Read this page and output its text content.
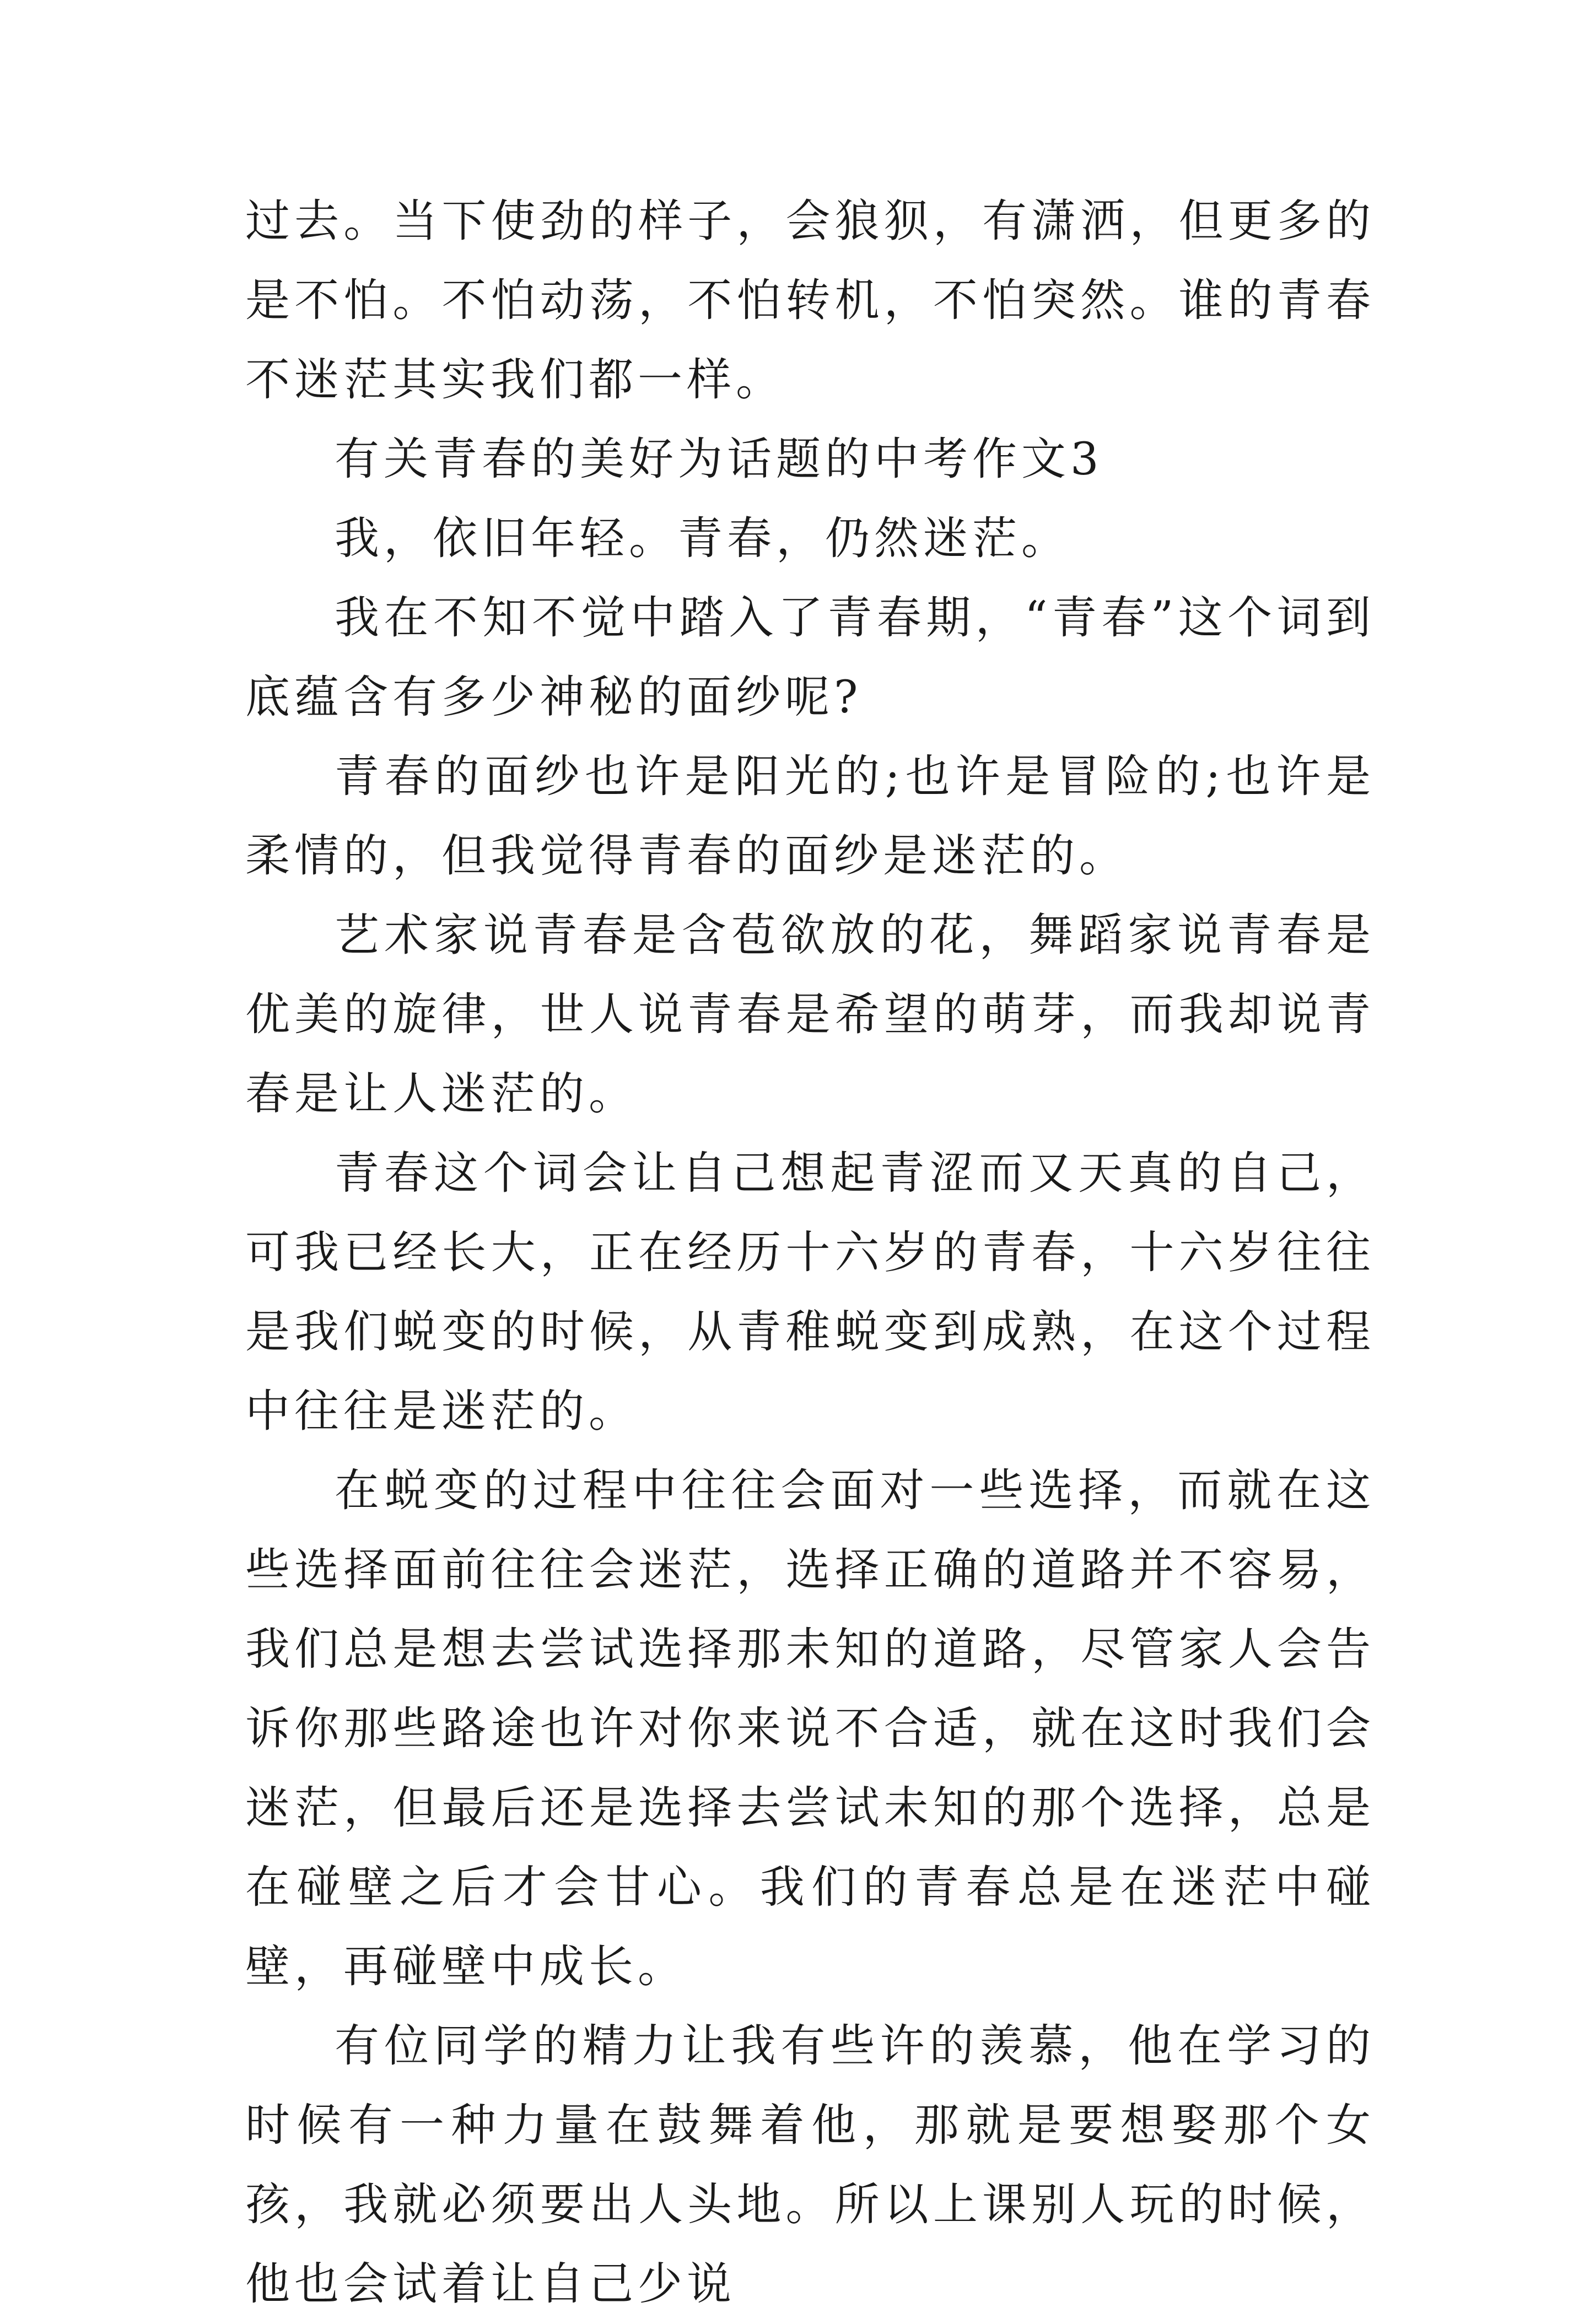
过去。当下使劲的样子，会狼狈，有潇洒，但更多的是不怕。不怕动荡，不怕转机，不怕突然。谁的青春不迷茫其实我们都一样。

有关青春的美好为话题的中考作文3

我，依旧年轻。青春，仍然迷茫。

我在不知不觉中踏入了青春期，“青春”这个词到底蕴含有多少神秘的面纱呢?

青春的面纱也许是阳光的;也许是冒险的;也许是柔情的，但我觉得青春的面纱是迷茫的。

艺术家说青春是含苞欲放的花，舞蹈家说青春是优美的旋律，世人说青春是希望的萌芽，而我却说青春是让人迷茫的。

青春这个词会让自己想起青涩而又天真的自己，可我已经长大，正在经历十六岁的青春，十六岁往往是我们蜕变的时候，从青稚蜕变到成熟，在这个过程中往往是迷茫的。

在蜕变的过程中往往会面对一些选择，而就在这些选择面前往往会迷茫，选择正确的道路并不容易，我们总是想去尝试选择那未知的道路，尽管家人会告诉你那些路途也许对你来说不合适，就在这时我们会迷茫，但最后还是选择去尝试未知的那个选择，总是在碰壁之后才会甘心。我们的青春总是在迷茫中碰壁，再碰壁中成长。

有位同学的精力让我有些许的羡慕，他在学习的时候有一种力量在鼓舞着他，那就是要想娶那个女孩，我就必须要出人头地。所以上课别人玩的时候，他也会试着让自己少说
